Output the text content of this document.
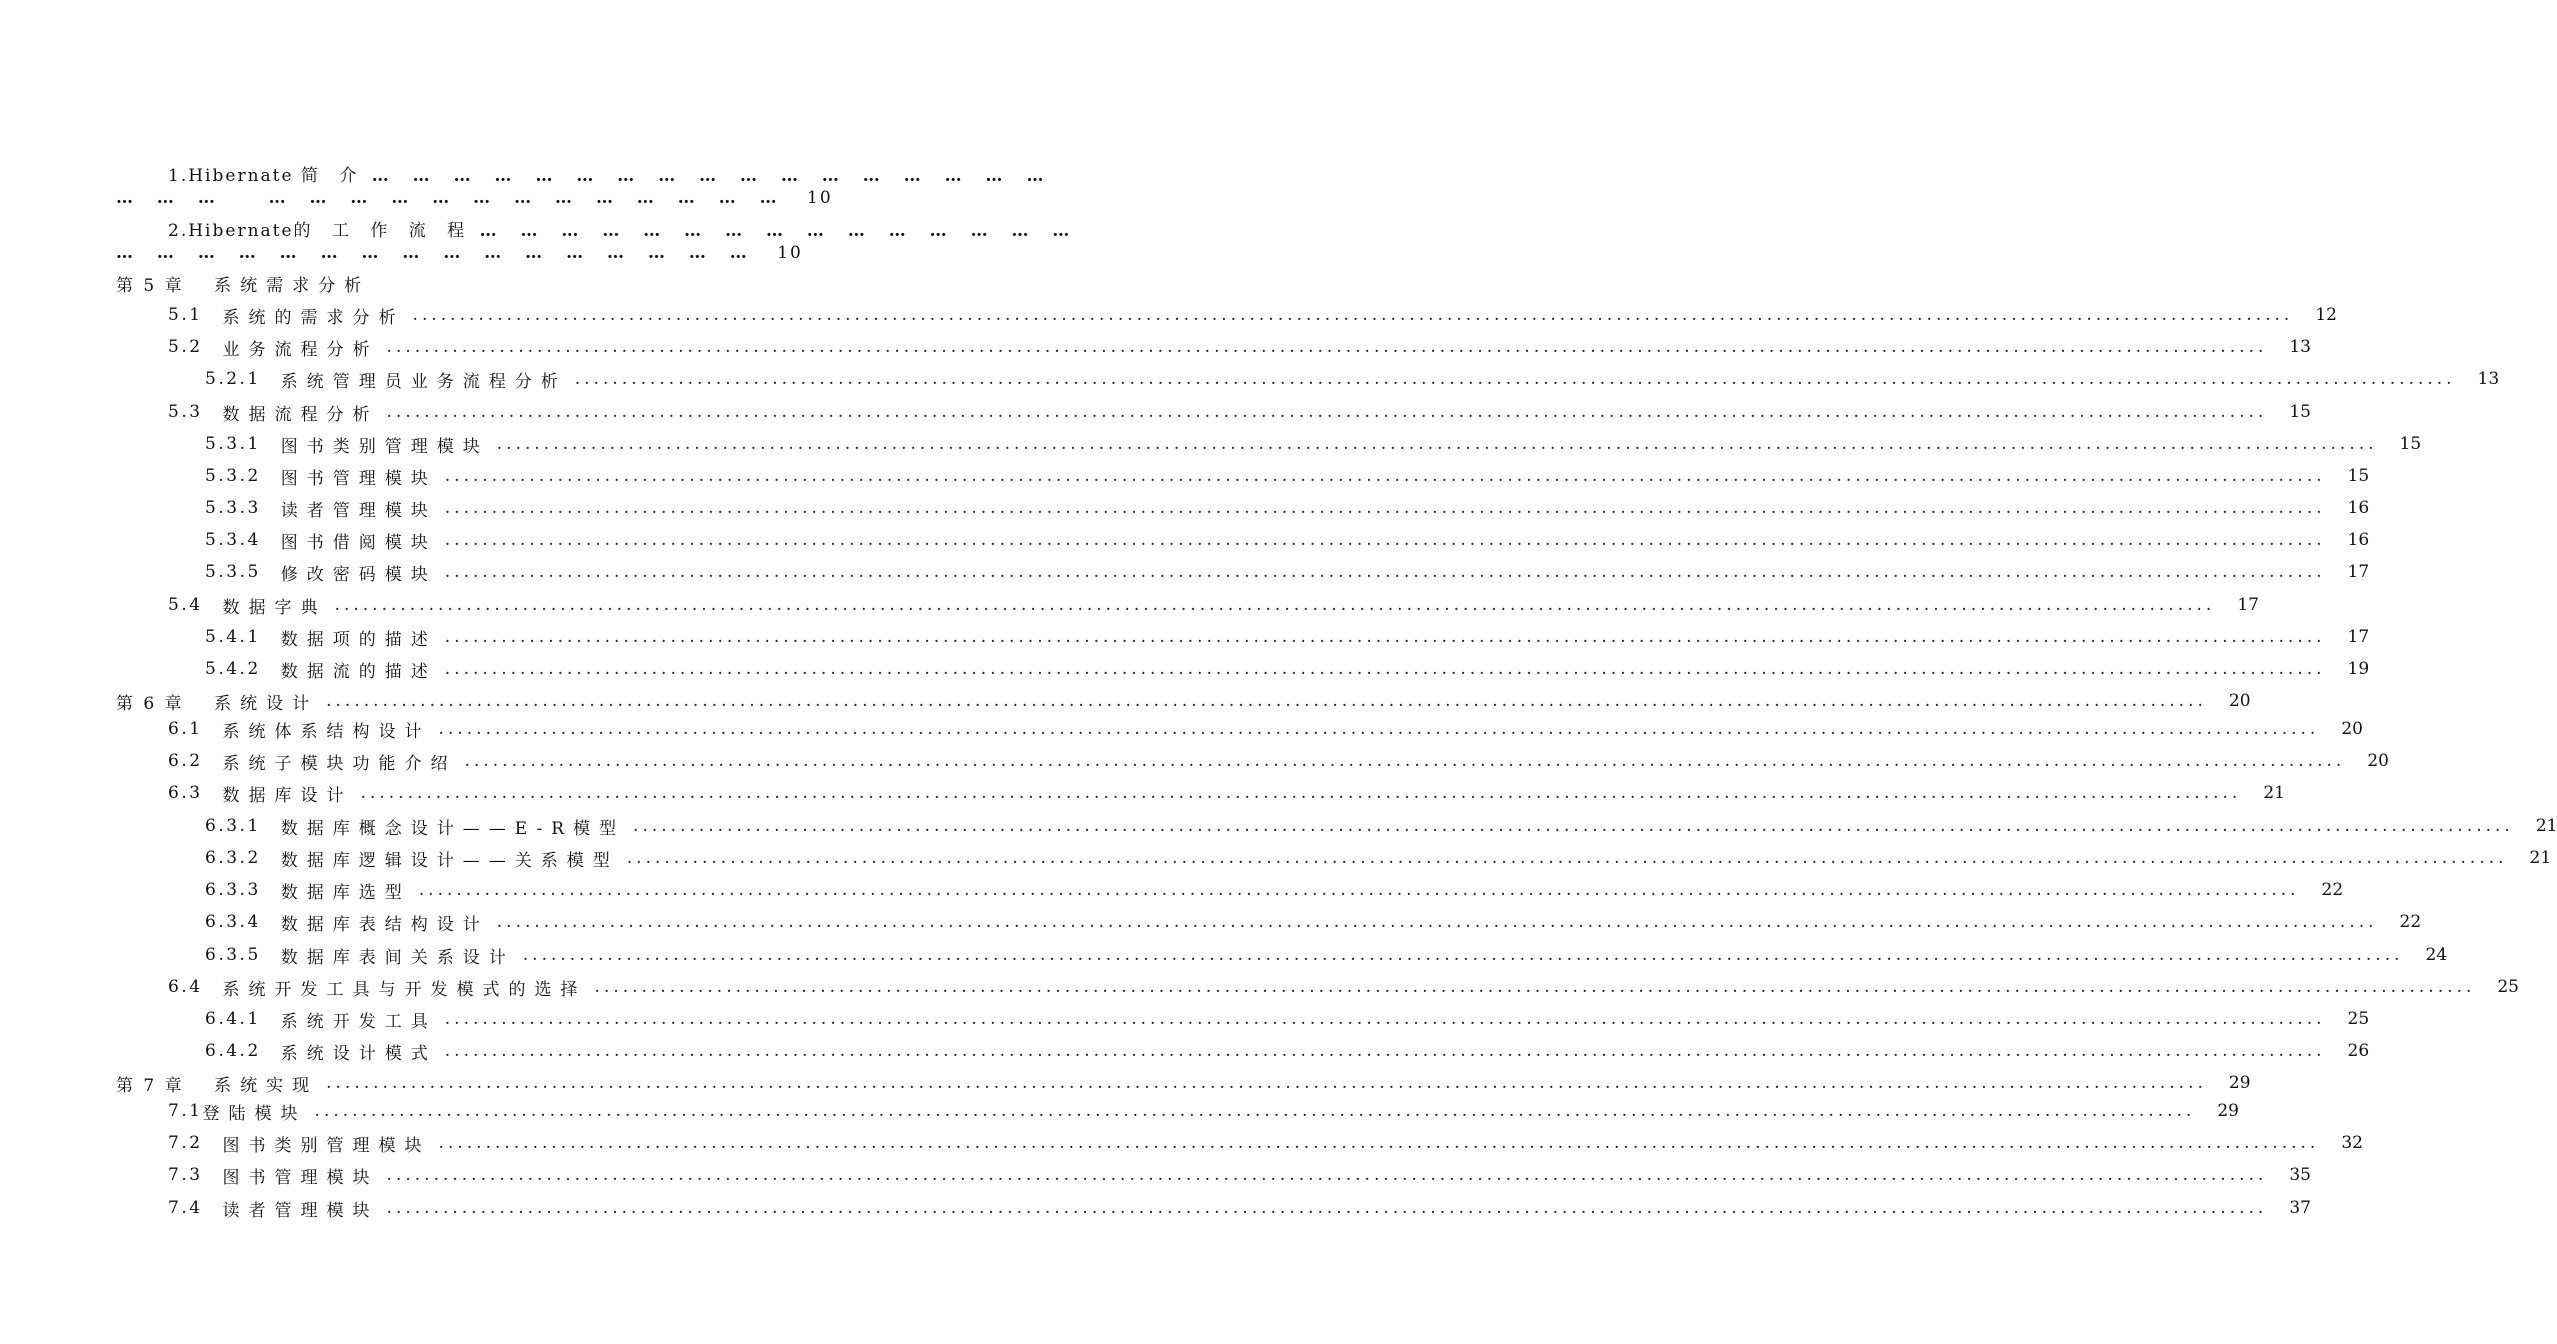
1.Hibernate 简 介 … … … … … … … … … … … … … … … … …
… … …   … … … … … … … … … … … … … 10
2.Hibernate的 工 作 流 程 … … … … … … … … … … … … … … …
… … … … … … … … … … … … … … … … 10
第 5 章 系统需求分析
5.1 系统的需求分析 ........................................................................................................................................................................................................ 12
5.2 业务流程分析 ........................................................................................................................................................................................................ 13
5.2.1 系统管理员业务流程分析 ........................................................................................................................................................................................................ 13
5.3 数据流程分析 ........................................................................................................................................................................................................ 15
5.3.1 图书类别管理模块 ........................................................................................................................................................................................................ 15
5.3.2 图书管理模块 ........................................................................................................................................................................................................ 15
5.3.3 读者管理模块 ........................................................................................................................................................................................................ 16
5.3.4 图书借阅模块 ........................................................................................................................................................................................................ 16
5.3.5 修改密码模块 ........................................................................................................................................................................................................ 17
5.4 数据字典 ........................................................................................................................................................................................................ 17
5.4.1 数据项的描述 ........................................................................................................................................................................................................ 17
5.4.2 数据流的描述 ........................................................................................................................................................................................................ 19
第 6 章 系统设计 ........................................................................................................................................................................................................ 20
6.1 系统体系结构设计 ........................................................................................................................................................................................................ 20
6.2 系统子模块功能介绍 ........................................................................................................................................................................................................ 20
6.3 数据库设计 ........................................................................................................................................................................................................ 21
6.3.1 数据库概念设计——E-R模型 ........................................................................................................................................................................................................ 21
6.3.2 数据库逻辑设计——关系模型 ........................................................................................................................................................................................................ 21
6.3.3 数据库选型 ........................................................................................................................................................................................................ 22
6.3.4 数据库表结构设计 ........................................................................................................................................................................................................ 22
6.3.5 数据库表间关系设计 ........................................................................................................................................................................................................ 24
6.4 系统开发工具与开发模式的选择 ........................................................................................................................................................................................................ 25
6.4.1 系统开发工具 ........................................................................................................................................................................................................ 25
6.4.2 系统设计模式 ........................................................................................................................................................................................................ 26
第 7 章 系统实现 ........................................................................................................................................................................................................ 29
7.1 登陆模块 ........................................................................................................................................................................................................ 29
7.2 图书类别管理模块 ........................................................................................................................................................................................................ 32
7.3 图书管理模块 ........................................................................................................................................................................................................ 35
7.4 读者管理模块 ........................................................................................................................................................................................................ 37
